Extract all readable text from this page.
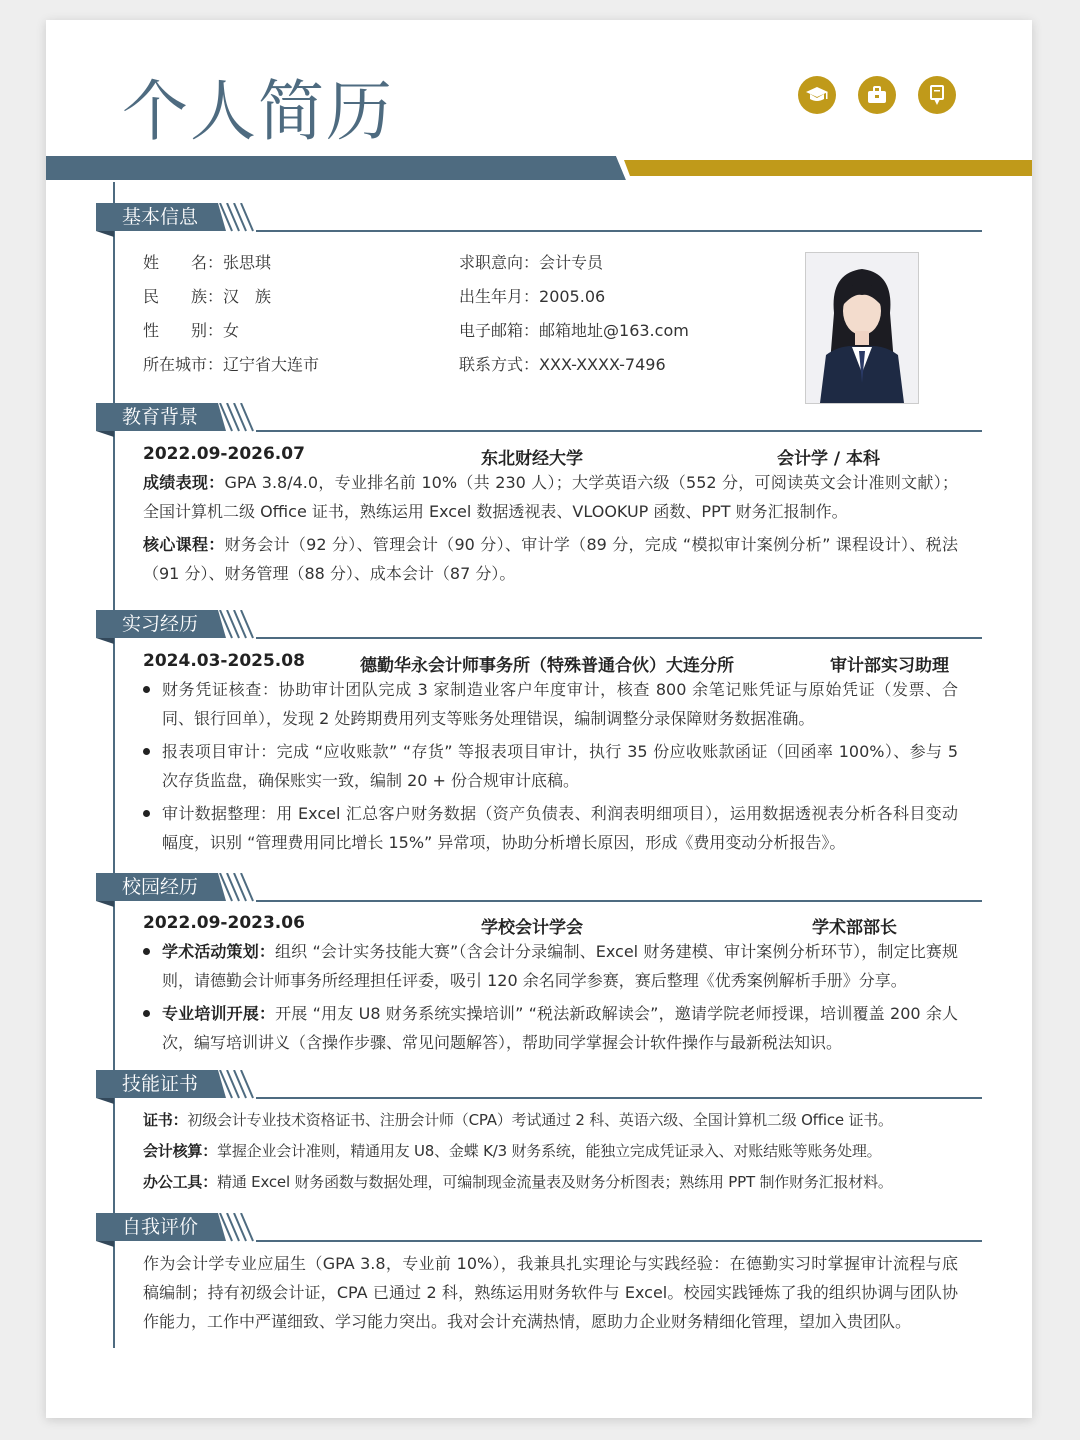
个人简历
基本信息
姓　　名：张思琪
民　　族：汉　族
性　　别：女
所在城市：辽宁省大连市
求职意向：会计专员
出生年月：2005.06
电子邮箱：邮箱地址@163.com
联系方式：XXX-XXXX-7496
教育背景
2022.09-2026.07	东北财经大学	会计学 / 本科
成绩表现：GPA 3.8/4.0，专业排名前 10%（共 230 人）；大学英语六级（552 分，可阅读英文会计准则文献）；全国计算机二级 Office 证书，熟练运用 Excel 数据透视表、VLOOKUP 函数、PPT 财务汇报制作。
核心课程：财务会计（92 分）、管理会计（90 分）、审计学（89 分，完成 “模拟审计案例分析” 课程设计）、税法（91 分）、财务管理（88 分）、成本会计（87 分）。
实习经历
2024.03-2025.08	德勤华永会计师事务所（特殊普通合伙）大连分所	审计部实习助理
财务凭证核查：协助审计团队完成 3 家制造业客户年度审计，核查 800 余笔记账凭证与原始凭证（发票、合同、银行回单），发现 2 处跨期费用列支等账务处理错误，编制调整分录保障财务数据准确。
报表项目审计：完成 “应收账款” “存货” 等报表项目审计，执行 35 份应收账款函证（回函率 100%）、参与 5 次存货监盘，确保账实一致，编制 20 + 份合规审计底稿。
审计数据整理：用 Excel 汇总客户财务数据（资产负债表、利润表明细项目），运用数据透视表分析各科目变动幅度，识别 “管理费用同比增长 15%” 异常项，协助分析增长原因，形成《费用变动分析报告》。
校园经历
2022.09-2023.06	学校会计学会	学术部部长
学术活动策划：组织 “会计实务技能大赛”（含会计分录编制、Excel 财务建模、审计案例分析环节），制定比赛规则，请德勤会计师事务所经理担任评委，吸引 120 余名同学参赛，赛后整理《优秀案例解析手册》分享。
专业培训开展：开展 “用友 U8 财务系统实操培训” “税法新政解读会”，邀请学院老师授课，培训覆盖 200 余人次，编写培训讲义（含操作步骤、常见问题解答），帮助同学掌握会计软件操作与最新税法知识。
技能证书
证书：初级会计专业技术资格证书、注册会计师（CPA）考试通过 2 科、英语六级、全国计算机二级 Office 证书。
会计核算：掌握企业会计准则，精通用友 U8、金蝶 K/3 财务系统，能独立完成凭证录入、对账结账等账务处理。
办公工具：精通 Excel 财务函数与数据处理，可编制现金流量表及财务分析图表；熟练用 PPT 制作财务汇报材料。
自我评价
作为会计学专业应届生（GPA 3.8，专业前 10%），我兼具扎实理论与实践经验：在德勤实习时掌握审计流程与底稿编制；持有初级会计证，CPA 已通过 2 科，熟练运用财务软件与 Excel。校园实践锤炼了我的组织协调与团队协作能力，工作中严谨细致、学习能力突出。我对会计充满热情，愿助力企业财务精细化管理，望加入贵团队。
